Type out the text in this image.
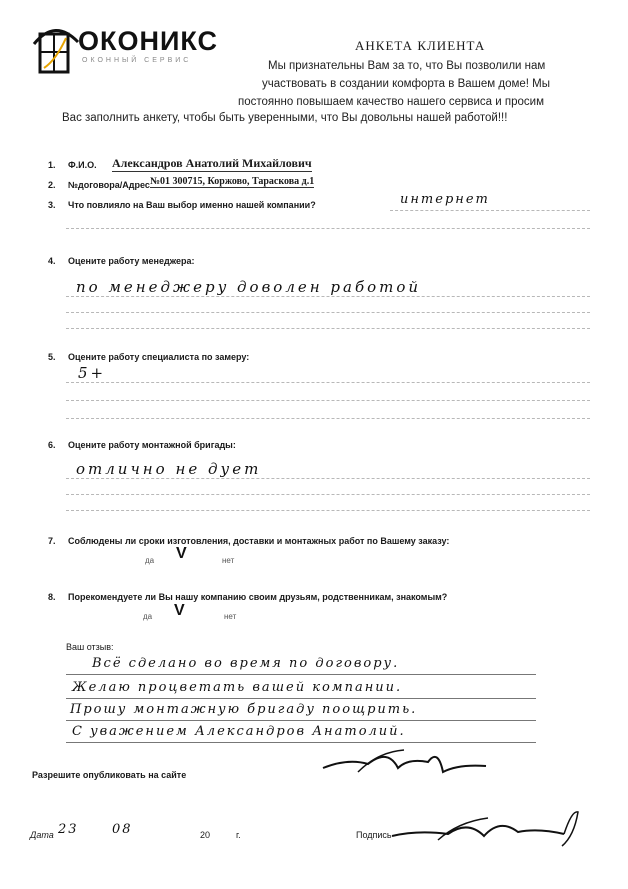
ОКОНИКС
ОКОННЫЙ СЕРВИС
АНКЕТА КЛИЕНТА
Мы признательны Вам за то, что Вы позволили нам
участвовать в создании комфорта в Вашем доме! Мы
постоянно повышаем качество нашего сервиса и просим
Вас заполнить анкету, чтобы быть уверенными, что Вы довольны нашей работой!!!
1. Ф.И.О. Александров Анатолий Михайлович
2. №договора/Адрес №01 300715, Коржово, Тараскова д.1
3. Что повлияло на Ваш выбор именно нашей компании?	интернет
4. Оцените работу менеджера:
по менеджеру доволен работой
5. Оцените работу специалиста по замеру:
5+
6. Оцените работу монтажной бригады:
отлично не дует
7. Соблюдены ли сроки изготовления, доставки и монтажных работ по Вашему заказу:
да V	нет
8. Порекомендуете ли Вы нашу компанию своим друзьям, родственникам, знакомым?
да V	нет
Ваш отзыв:
Всё сделано во время по договору.
Желаю процветать вашей компании.
Прошу монтажную бригаду поощрить.
С уважением Александров Анатолий.
Разрешите опубликовать на сайте
Дата 23	08	20	г.	Подпись
